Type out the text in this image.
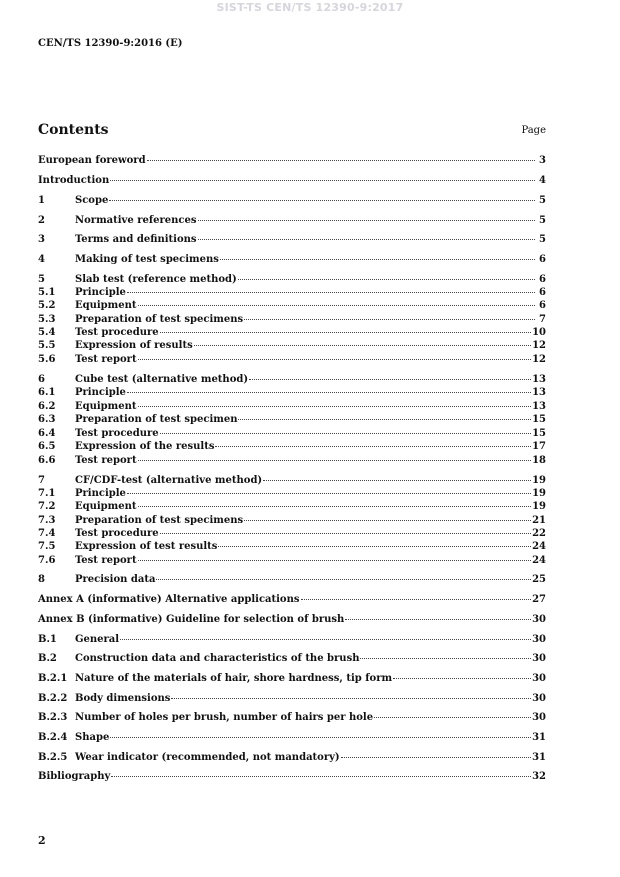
SIST-TS CEN/TS 12390-9:2017
CEN/TS 12390-9:2016 (E)
Contents	Page
European foreword	3
Introduction	4
1	Scope	5
2	Normative references	5
3	Terms and definitions	5
4	Making of test specimens	6
5	Slab test (reference method)	6
5.1	Principle	6
5.2	Equipment	6
5.3	Preparation of test specimens	7
5.4	Test procedure	10
5.5	Expression of results	12
5.6	Test report	12
6	Cube test (alternative method)	13
6.1	Principle	13
6.2	Equipment	13
6.3	Preparation of test specimen	15
6.4	Test procedure	15
6.5	Expression of the results	17
6.6	Test report	18
7	CF/CDF-test (alternative method)	19
7.1	Principle	19
7.2	Equipment	19
7.3	Preparation of test specimens	21
7.4	Test procedure	22
7.5	Expression of test results	24
7.6	Test report	24
8	Precision data	25
Annex A (informative) Alternative applications	27
Annex B (informative) Guideline for selection of brush	30
B.1	General	30
B.2	Construction data and characteristics of the brush	30
B.2.1 Nature of the materials of hair, shore hardness, tip form	30
B.2.2 Body dimensions	30
B.2.3 Number of holes per brush, number of hairs per hole	30
B.2.4 Shape	31
B.2.5 Wear indicator (recommended, not mandatory)	31
Bibliography	32
2
